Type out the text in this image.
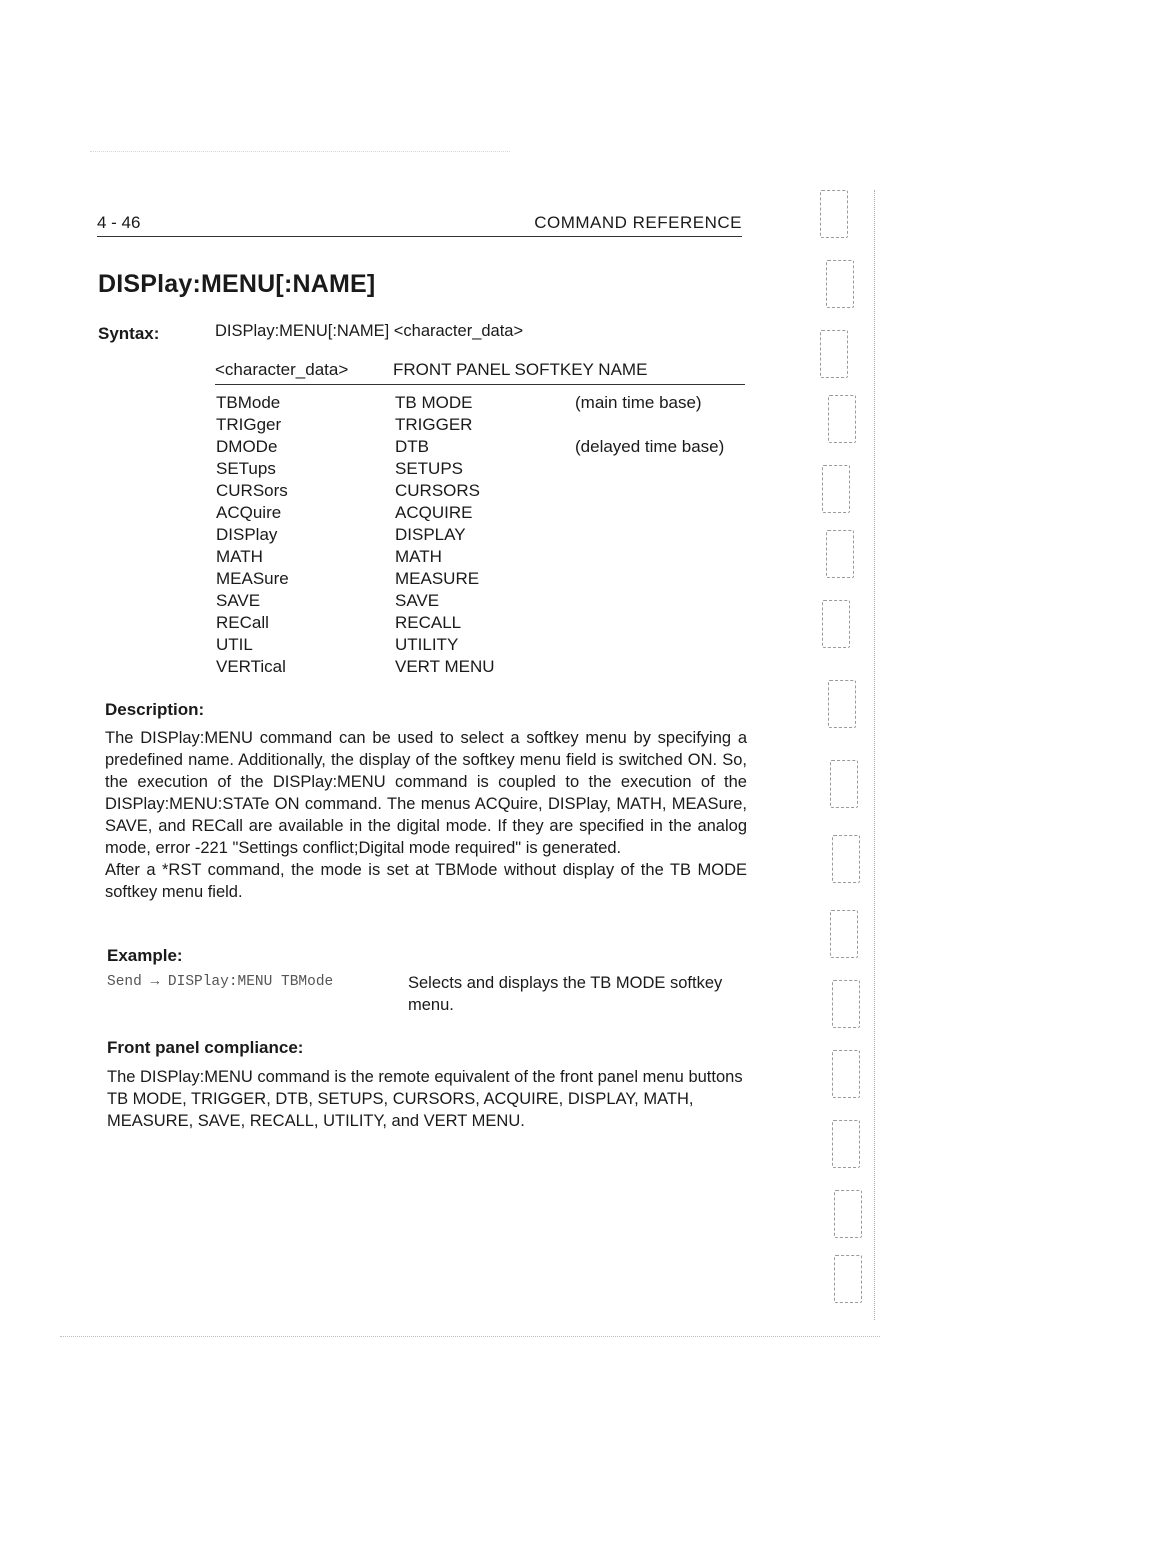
4 - 46	COMMAND REFERENCE
DISPlay:MENU[:NAME]
Syntax:	DISPlay:MENU[:NAME] <character_data>
<character_data>	FRONT PANEL SOFTKEY NAME
TBMode	TB MODE	(main time base)
TRIGger	TRIGGER
DMODe	DTB	(delayed time base)
SETups	SETUPS
CURSors	CURSORS
ACQuire	ACQUIRE
DISPlay	DISPLAY
MATH	MATH
MEASure	MEASURE
SAVE	SAVE
RECall	RECALL
UTIL	UTILITY
VERTical	VERT MENU
Description:

The DISPlay:MENU command can be used to select a softkey menu by specifying a predefined name. Additionally, the display of the softkey menu field is switched ON. So, the execution of the DISPlay:MENU command is coupled to the execution of the DISPlay:MENU:STATe ON command. The menus ACQuire, DISPlay, MATH, MEASure, SAVE, and RECall are available in the digital mode. If they are specified in the analog mode, error -221 "Settings conflict;Digital mode required" is generated.

After a *RST command, the mode is set at TBMode without display of the TB MODE softkey menu field.

Example:
Send → DISPlay:MENU TBMode	Selects and displays the TB MODE softkey menu.
Front panel compliance:

The DISPlay:MENU command is the remote equivalent of the front panel menu buttons TB MODE, TRIGGER, DTB, SETUPS, CURSORS, ACQUIRE, DISPLAY, MATH, MEASURE, SAVE, RECALL, UTILITY, and VERT MENU.
